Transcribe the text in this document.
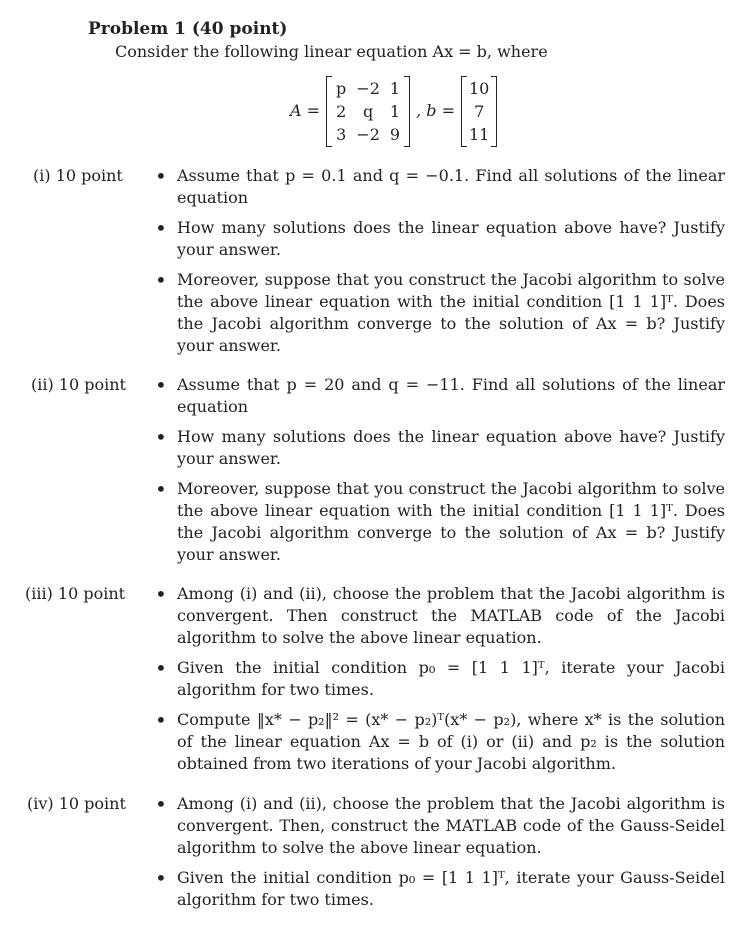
Problem 1 (40 point)
Consider the following linear equation Ax = b, where
A =
p	−2	1
2	q	1
3	−2	9
, b =
10
7
11
(i) 10 point	• Assume that p = 0.1 and q = −0.1. Find all solutions of the linear equation
• How many solutions does the linear equation above have? Justify your answer.
• Moreover, suppose that you construct the Jacobi algorithm to solve the above linear equation with the initial condition [1 1 1]ᵀ. Does the Jacobi algorithm converge to the solution of Ax = b? Justify your answer.
(ii) 10 point	• Assume that p = 20 and q = −11. Find all solutions of the linear equation
• How many solutions does the linear equation above have? Justify your answer.
• Moreover, suppose that you construct the Jacobi algorithm to solve the above linear equation with the initial condition [1 1 1]ᵀ. Does the Jacobi algorithm converge to the solution of Ax = b? Justify your answer.
(iii) 10 point	• Among (i) and (ii), choose the problem that the Jacobi algorithm is convergent. Then construct the MATLAB code of the Jacobi algorithm to solve the above linear equation.
• Given the initial condition p₀ = [1 1 1]ᵀ, iterate your Jacobi algorithm for two times.
• Compute ‖x* − p₂‖² = (x* − p₂)ᵀ(x* − p₂), where x* is the solution of the linear equation Ax = b of (i) or (ii) and p₂ is the solution obtained from two iterations of your Jacobi algorithm.
(iv) 10 point	• Among (i) and (ii), choose the problem that the Jacobi algorithm is convergent. Then, construct the MATLAB code of the Gauss-Seidel algorithm to solve the above linear equation.
• Given the initial condition p₀ = [1 1 1]ᵀ, iterate your Gauss-Seidel algorithm for two times.
